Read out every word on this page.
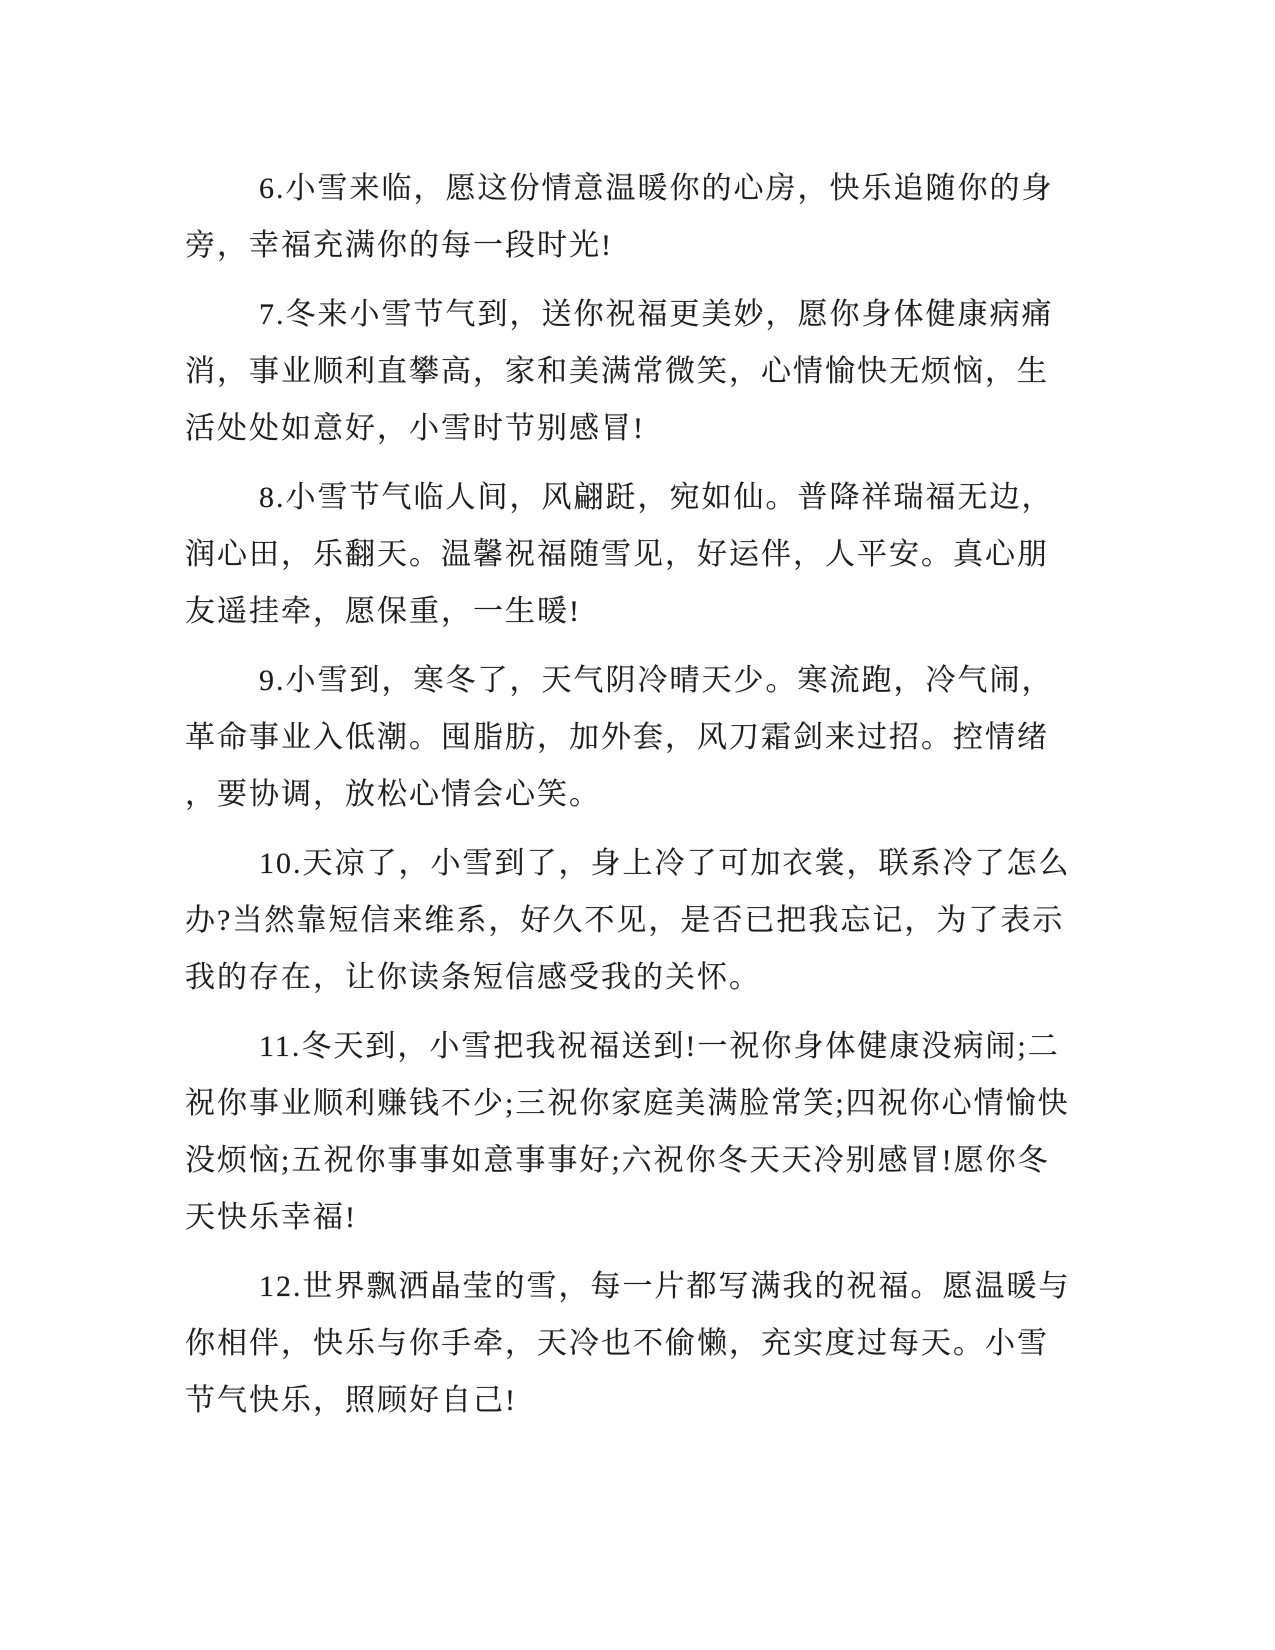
6.小雪来临，愿这份情意温暖你的心房，快乐追随你的身旁，幸福充满你的每一段时光!

7.冬来小雪节气到，送你祝福更美妙，愿你身体健康病痛消，事业顺利直攀高，家和美满常微笑，心情愉快无烦恼，生活处处如意好，小雪时节别感冒!

8.小雪节气临人间，风翩跹，宛如仙。普降祥瑞福无边，润心田，乐翻天。温馨祝福随雪见，好运伴，人平安。真心朋友遥挂牵，愿保重，一生暖!

9.小雪到，寒冬了，天气阴冷晴天少。寒流跑，冷气闹，革命事业入低潮。囤脂肪，加外套，风刀霜剑来过招。控情绪，要协调，放松心情会心笑。

10.天凉了，小雪到了，身上冷了可加衣裳，联系冷了怎么办?当然靠短信来维系，好久不见，是否已把我忘记，为了表示我的存在，让你读条短信感受我的关怀。

11.冬天到，小雪把我祝福送到!一祝你身体健康没病闹;二祝你事业顺利赚钱不少;三祝你家庭美满脸常笑;四祝你心情愉快没烦恼;五祝你事事如意事事好;六祝你冬天天冷别感冒!愿你冬天快乐幸福!

12.世界飘洒晶莹的雪，每一片都写满我的祝福。愿温暖与你相伴，快乐与你手牵，天冷也不偷懒，充实度过每天。小雪节气快乐，照顾好自己!
